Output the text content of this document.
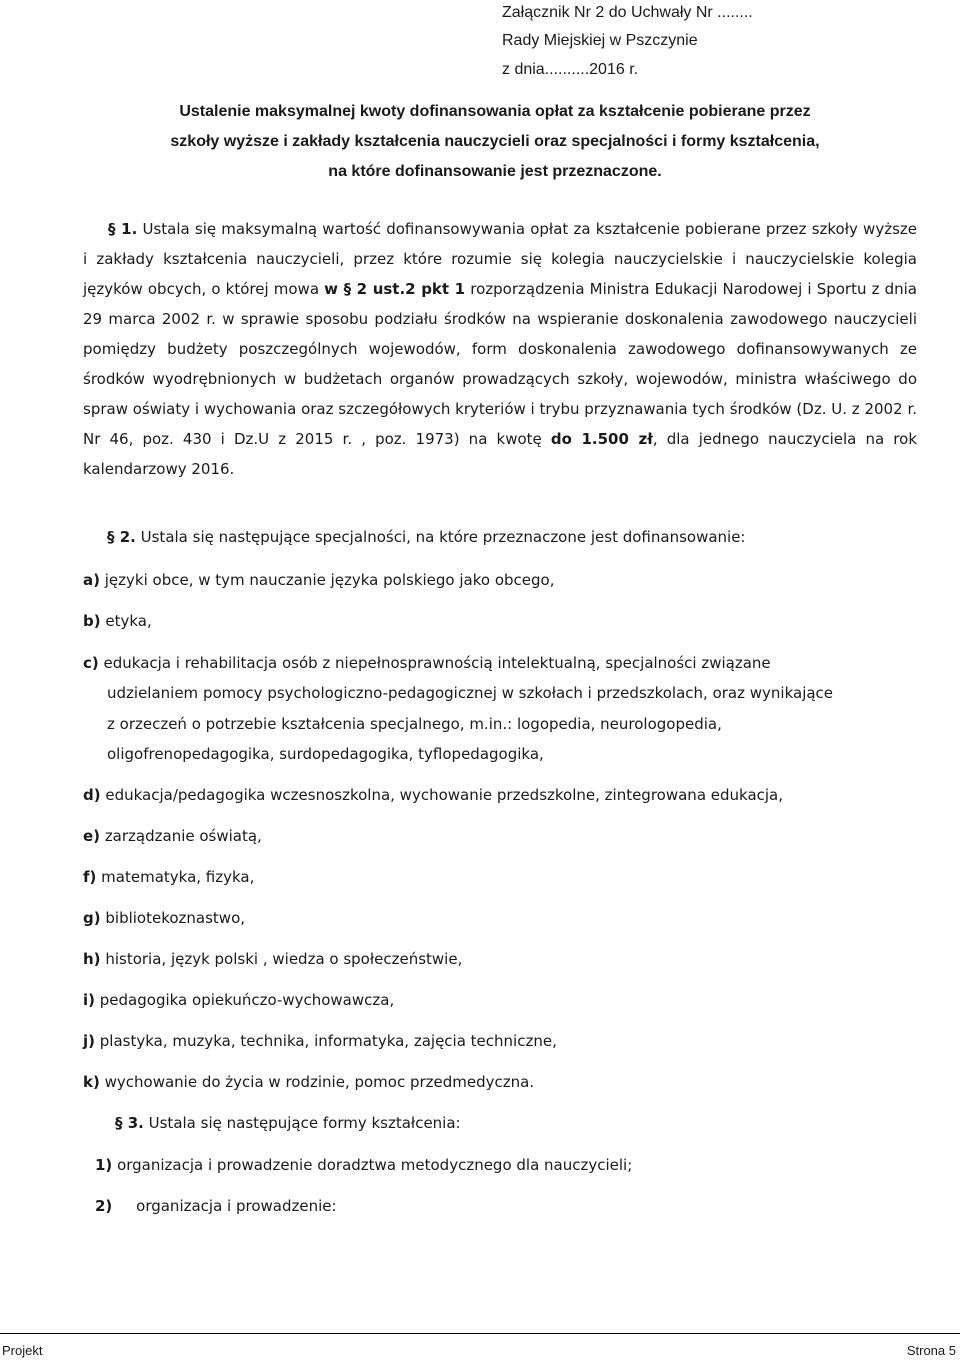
Załącznik Nr 2 do Uchwały Nr ........
Rady Miejskiej w Pszczynie
z dnia..........2016 r.
Ustalenie maksymalnej kwoty dofinansowania opłat za kształcenie pobierane przez
szkoły wyższe i zakłady kształcenia nauczycieli oraz specjalności i formy kształcenia,
na które dofinansowanie jest przeznaczone.
§ 1. Ustala się maksymalną wartość dofinansowywania opłat za kształcenie pobierane przez szkoły wyższe i zakłady kształcenia nauczycieli, przez które rozumie się kolegia nauczycielskie i nauczycielskie kolegia języków obcych, o której mowa w § 2 ust.2 pkt 1 rozporządzenia Ministra Edukacji Narodowej i Sportu z dnia 29 marca 2002 r. w sprawie sposobu podziału środków na wspieranie doskonalenia zawodowego nauczycieli pomiędzy budżety poszczególnych wojewodów, form doskonalenia zawodowego dofinansowywanych ze środków wyodrębnionych w budżetach organów prowadzących szkoły, wojewodów, ministra właściwego do spraw oświaty i wychowania oraz szczegółowych kryteriów i trybu przyznawania tych środków (Dz. U. z 2002 r. Nr 46, poz. 430 i Dz.U z 2015 r. , poz. 1973) na kwotę do 1.500 zł, dla jednego nauczyciela na rok kalendarzowy 2016.
§ 2. Ustala się następujące specjalności, na które przeznaczone jest dofinansowanie:
a) języki obce, w tym nauczanie języka polskiego jako obcego,
b) etyka,
c) edukacja i rehabilitacja osób z niepełnosprawnością intelektualną, specjalności związane
udzielaniem pomocy psychologiczno-pedagogicznej w szkołach i przedszkolach, oraz wynikające
z orzeczeń o potrzebie kształcenia specjalnego, m.in.: logopedia, neurologopedia,
oligofrenopedagogika, surdopedagogika, tyflopedagogika,
d) edukacja/pedagogika wczesnoszkolna, wychowanie przedszkolne, zintegrowana edukacja,
e) zarządzanie oświatą,
f) matematyka, fizyka,
g) bibliotekoznastwo,
h) historia, język polski , wiedza o społeczeństwie,
i) pedagogika opiekuńczo-wychowawcza,
j) plastyka, muzyka, technika, informatyka, zajęcia techniczne,
k) wychowanie do życia w rodzinie, pomoc przedmedyczna.
§ 3. Ustala się następujące formy kształcenia:
1) organizacja i prowadzenie doradztwa metodycznego dla nauczycieli;
2) organizacja i prowadzenie:
Projekt	Strona 5
